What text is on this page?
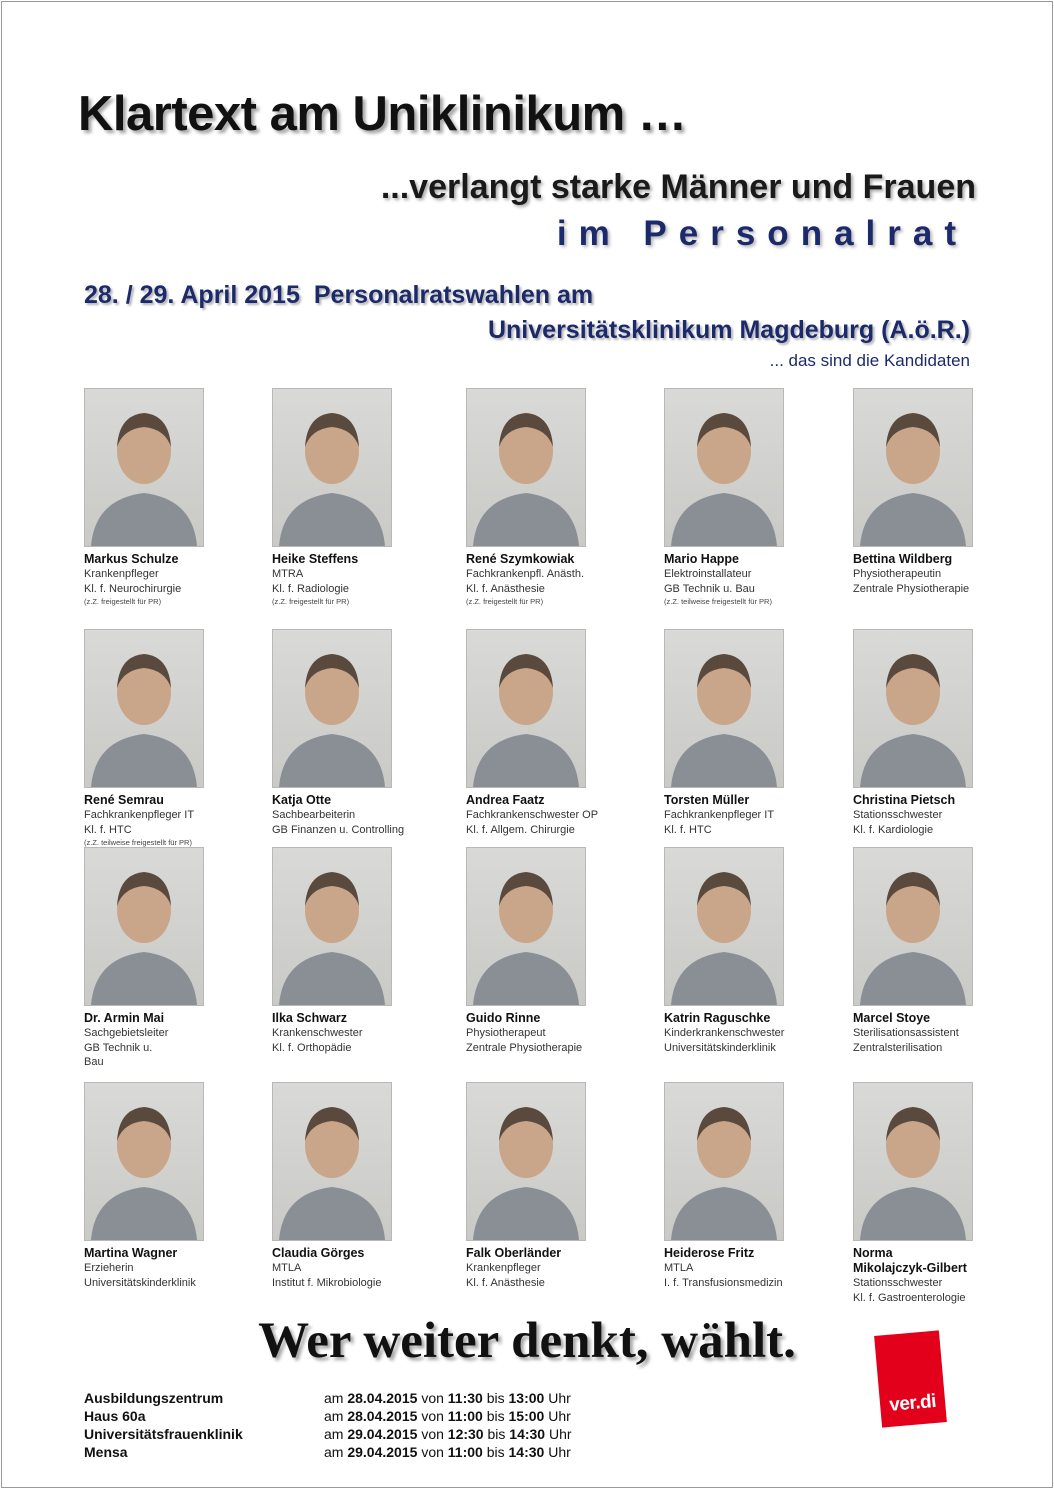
Klartext am Uniklinikum …
...verlangt starke Männer und Frauen
im Personalrat
28. / 29. April 2015 Personalratswahlen am
Universitätsklinikum Magdeburg (A.ö.R.)
... das sind die Kandidaten
Markus Schulze
Krankenpfleger
Kl. f. Neurochirurgie
(z.Z. freigestellt für PR)
Heike Steffens
MTRA
Kl. f. Radiologie
(z.Z. freigestellt für PR)
René Szymkowiak
Fachkrankenpfl. Anästh.
Kl. f. Anästhesie
(z.Z. freigestellt für PR)
Mario Happe
Elektroinstallateur
GB Technik u. Bau
(z.Z. teilweise freigestellt für PR)
Bettina Wildberg
Physiotherapeutin
Zentrale Physiotherapie
René Semrau
Fachkrankenpfleger IT
Kl. f. HTC
(z.Z. teilweise freigestellt für PR)
Katja Otte
Sachbearbeiterin
GB Finanzen u. Controlling
Andrea Faatz
Fachkrankenschwester OP
Kl. f. Allgem. Chirurgie
Torsten Müller
Fachkrankenpfleger IT
Kl. f. HTC
Christina Pietsch
Stationsschwester
Kl. f. Kardiologie
Dr. Armin Mai
Sachgebietsleiter
GB Technik u.
Bau
Ilka Schwarz
Krankenschwester
Kl. f. Orthopädie
Guido Rinne
Physiotherapeut
Zentrale Physiotherapie
Katrin Raguschke
Kinderkrankenschwester
Universitätskinderklinik
Marcel Stoye
Sterilisationsassistent
Zentralsterilisation
Martina Wagner
Erzieherin
Universitätskinderklinik
Claudia Görges
MTLA
Institut f. Mikrobiologie
Falk Oberländer
Krankenpfleger
Kl. f. Anästhesie
Heiderose Fritz
MTLA
I. f. Transfusionsmedizin
Norma
Mikolajczyk-Gilbert
Stationsschwester
Kl. f. Gastroenterologie
Wer weiter denkt, wählt.
ver.di
Ausbildungszentrum	am 28.04.2015 von 11:30 bis 13:00 Uhr
Haus 60a	am 28.04.2015 von 11:00 bis 15:00 Uhr
Universitätsfrauenklinik	am 29.04.2015 von 12:30 bis 14:30 Uhr
Mensa	am 29.04.2015 von 11:00 bis 14:30 Uhr
